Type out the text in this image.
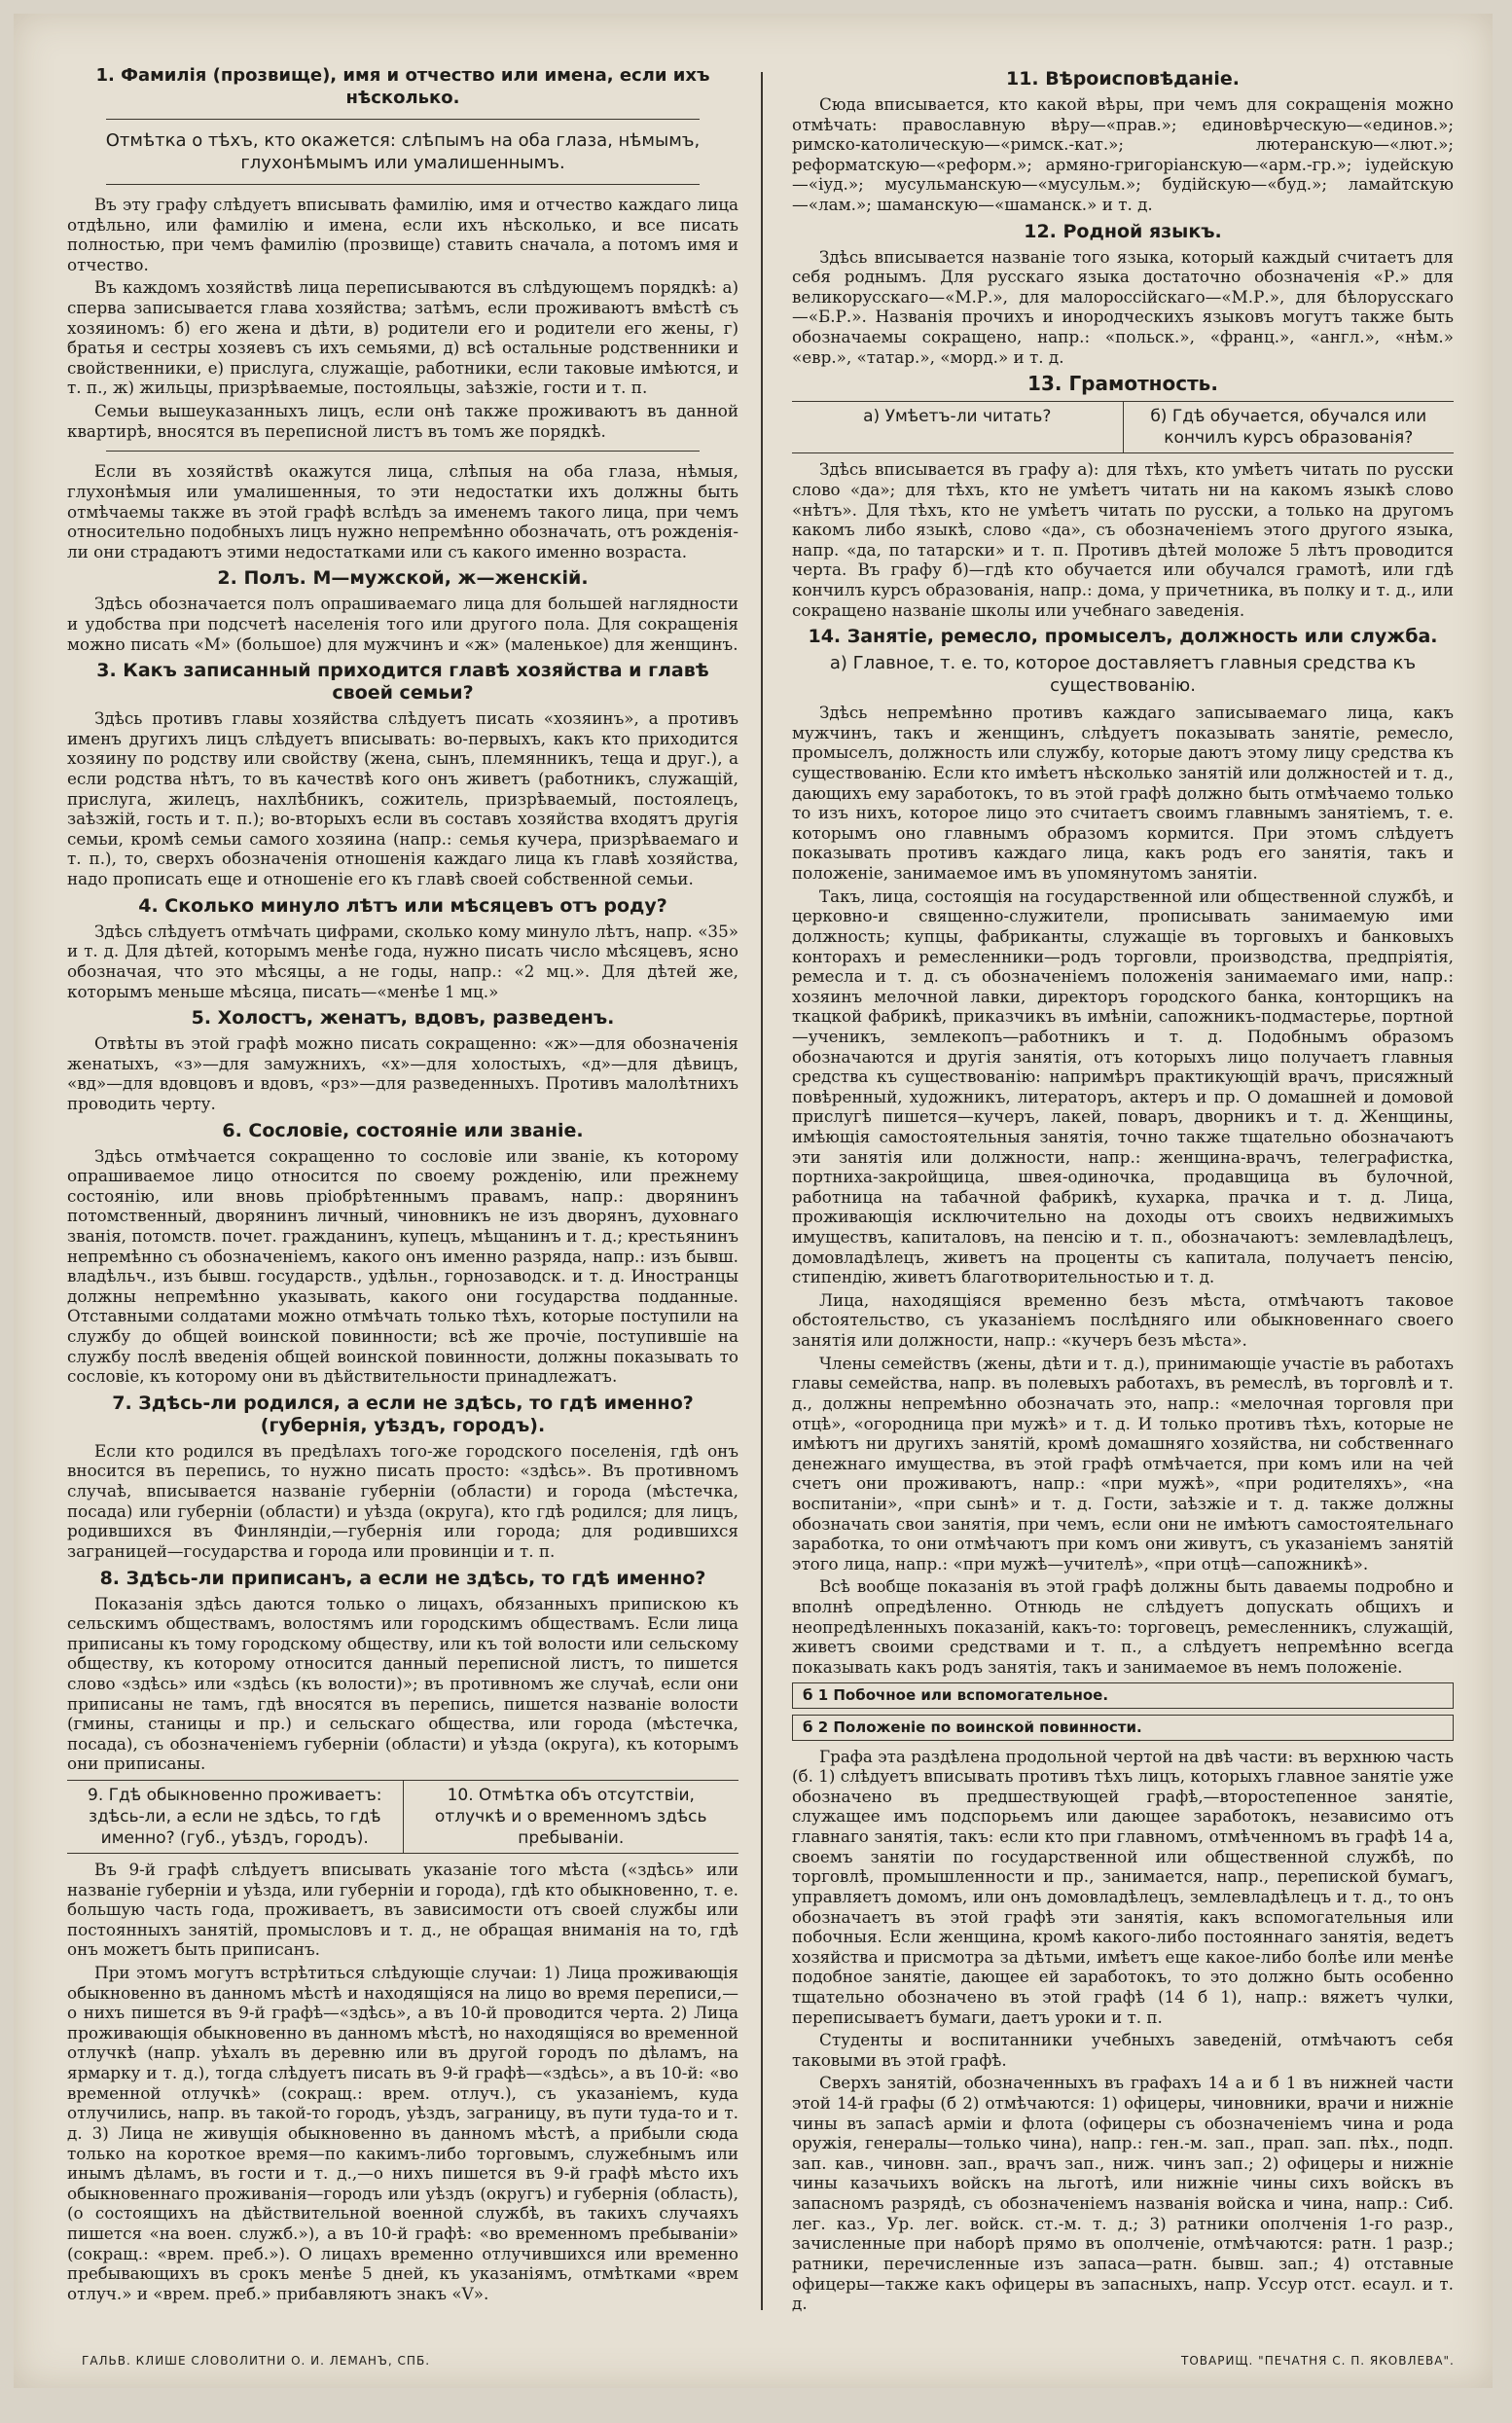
1. Фамилія (прозвище), имя и отчество или имена, если ихъ нѣсколько.
Отмѣтка о тѣхъ, кто окажется: слѣпымъ на оба глаза, нѣмымъ, глухонѣмымъ или умалишеннымъ.

Въ эту графу слѣдуетъ вписывать фамилію, имя и отчество каждаго лица отдѣльно, или фамилію и имена, если ихъ нѣсколько, и все писать полностью, при чемъ фамилію (прозвище) ставить сначала, а потомъ имя и отчество.

Въ каждомъ хозяйствѣ лица переписываются въ слѣдующемъ порядкѣ: а) сперва записывается глава хозяйства; затѣмъ, если проживаютъ вмѣстѣ съ хозяиномъ: б) его жена и дѣти, в) родители его и родители его жены, г) братья и сестры хозяевъ съ ихъ семьями, д) всѣ остальные родственники и свойственники, е) прислуга, служащіе, работники, если таковые имѣются, и т. п., ж) жильцы, призрѣваемые, постояльцы, заѣзжіе, гости и т. п.

Семьи вышеуказанныхъ лицъ, если онѣ также проживаютъ въ данной квартирѣ, вносятся въ переписной листъ въ томъ же порядкѣ.

Если въ хозяйствѣ окажутся лица, слѣпыя на оба глаза, нѣмыя, глухонѣмыя или умалишенныя, то эти недостатки ихъ должны быть отмѣчаемы также въ этой графѣ вслѣдъ за именемъ такого лица, при чемъ относительно подобныхъ лицъ нужно непремѣнно обозначать, отъ рожденія-ли они страдаютъ этими недостатками или съ какого именно возраста.

2. Полъ. М—мужской, ж—женскій.

Здѣсь обозначается полъ опрашиваемаго лица для большей наглядности и удобства при подсчетѣ населенія того или другого пола. Для сокращенія можно писать «М» (большое) для мужчинъ и «ж» (маленькое) для женщинъ.

3. Какъ записанный приходится главѣ хозяйства и главѣ своей семьи?

Здѣсь противъ главы хозяйства слѣдуетъ писать «хозяинъ», а противъ именъ другихъ лицъ слѣдуетъ вписывать: во-первыхъ, какъ кто приходится хозяину по родству или свойству (жена, сынъ, племянникъ, теща и друг.), а если родства нѣтъ, то въ качествѣ кого онъ живетъ (работникъ, служащій, прислуга, жилецъ, нахлѣбникъ, сожитель, призрѣваемый, постоялецъ, заѣзжій, гость и т. п.); во-вторыхъ если въ составъ хозяйства входятъ другія семьи, кромѣ семьи самого хозяина (напр.: семья кучера, призрѣваемаго и т. п.), то, сверхъ обозначенія отношенія каждаго лица къ главѣ хозяйства, надо прописать еще и отношеніе его къ главѣ своей собственной семьи.

4. Сколько минуло лѣтъ или мѣсяцевъ отъ роду?

Здѣсь слѣдуетъ отмѣчать цифрами, сколько кому минуло лѣтъ, напр. «35» и т. д. Для дѣтей, которымъ менѣе года, нужно писать число мѣсяцевъ, ясно обозначая, что это мѣсяцы, а не годы, напр.: «2 мц.». Для дѣтей же, которымъ меньше мѣсяца, писать—«менѣе 1 мц.»

5. Холостъ, женатъ, вдовъ, разведенъ.

Отвѣты въ этой графѣ можно писать сокращенно: «ж»—для обозначенія женатыхъ, «з»—для замужнихъ, «х»—для холостыхъ, «д»—для дѣвицъ, «вд»—для вдовцовъ и вдовъ, «рз»—для разведенныхъ. Противъ малолѣтнихъ проводить черту.

6. Сословіе, состояніе или званіе.

Здѣсь отмѣчается сокращенно то сословіе или званіе, къ которому опрашиваемое лицо относится по своему рожденію, или прежнему состоянію, или вновь пріобрѣтеннымъ правамъ, напр.: дворянинъ потомственный, дворянинъ личный, чиновникъ не изъ дворянъ, духовнаго званія, потомств. почет. гражданинъ, купецъ, мѣщанинъ и т. д.; крестьянинъ непремѣнно съ обозначеніемъ, какого онъ именно разряда, напр.: изъ бывш. владѣльч., изъ бывш. государств., удѣльн., горнозаводск. и т. д. Иностранцы должны непремѣнно указывать, какого они государства подданные. Отставными солдатами можно отмѣчать только тѣхъ, которые поступили на службу до общей воинской повинности; всѣ же прочіе, поступившіе на службу послѣ введенія общей воинской повинности, должны показывать то сословіе, къ которому они въ дѣйствительности принадлежатъ.

7. Здѣсь-ли родился, а если не здѣсь, то гдѣ именно? (губернія, уѣздъ, городъ).

Если кто родился въ предѣлахъ того-же городского поселенія, гдѣ онъ вносится въ перепись, то нужно писать просто: «здѣсь». Въ противномъ случаѣ, вписывается названіе губерніи (области) и города (мѣстечка, посада) или губерніи (области) и уѣзда (округа), кто гдѣ родился; для лицъ, родившихся въ Финляндіи,—губернія или города; для родившихся заграницей—государства и города или провинціи и т. п.

8. Здѣсь-ли приписанъ, а если не здѣсь, то гдѣ именно?

Показанія здѣсь даются только о лицахъ, обязанныхъ припискою къ сельскимъ обществамъ, волостямъ или городскимъ обществамъ. Если лица приписаны къ тому городскому обществу, или къ той волости или сельскому обществу, къ которому относится данный переписной листъ, то пишется слово «здѣсь» или «здѣсь (къ волости)»; въ противномъ же случаѣ, если они приписаны не тамъ, гдѣ вносятся въ перепись, пишется названіе волости (гмины, станицы и пр.) и сельскаго общества, или города (мѣстечка, посада), съ обозначеніемъ губерніи (области) и уѣзда (округа), къ которымъ они приписаны.

9. Гдѣ обыкновенно проживаетъ: здѣсь-ли, а если не здѣсь, то гдѣ именно? (губ., уѣздъ, городъ).
10. Отмѣтка объ отсутствіи, отлучкѣ и о временномъ здѣсь пребываніи.

Въ 9-й графѣ слѣдуетъ вписывать указаніе того мѣста («здѣсь» или названіе губерніи и уѣзда, или губерніи и города), гдѣ кто обыкновенно, т. е. большую часть года, проживаетъ, въ зависимости отъ своей службы или постоянныхъ занятій, промысловъ и т. д., не обращая вниманія на то, гдѣ онъ можетъ быть приписанъ.

При этомъ могутъ встрѣтиться слѣдующіе случаи: 1) Лица проживающія обыкновенно въ данномъ мѣстѣ и находящіяся на лицо во время переписи,—о нихъ пишется въ 9-й графѣ—«здѣсь», а въ 10-й проводится черта. 2) Лица проживающія обыкновенно въ данномъ мѣстѣ, но находящіяся во временной отлучкѣ (напр. уѣхалъ въ деревню или въ другой городъ по дѣламъ, на ярмарку и т. д.), тогда слѣдуетъ писать въ 9-й графѣ—«здѣсь», а въ 10-й: «во временной отлучкѣ» (сокращ.: врем. отлуч.), съ указаніемъ, куда отлучились, напр. въ такой-то городъ, уѣздъ, заграницу, въ пути туда-то и т. д. 3) Лица не живущія обыкновенно въ данномъ мѣстѣ, а прибыли сюда только на короткое время—по какимъ-либо торговымъ, служебнымъ или инымъ дѣламъ, въ гости и т. д.,—о нихъ пишется въ 9-й графѣ мѣсто ихъ обыкновеннаго проживанія—городъ или уѣздъ (округъ) и губернія (область), (о состоящихъ на дѣйствительной военной службѣ, въ такихъ случаяхъ пишется «на воен. служб.»), а въ 10-й графѣ: «во временномъ пребываніи» (сокращ.: «врем. преб.»). О лицахъ временно отлучившихся или временно пребывающихъ въ срокъ менѣе 5 дней, къ указаніямъ, отмѣтками «врем отлуч.» и «врем. преб.» прибавляютъ знакъ «V».

11. Вѣроисповѣданіе.

Сюда вписывается, кто какой вѣры, при чемъ для сокращенія можно отмѣчать: православную вѣру—«прав.»; единовѣрческую—«единов.»; римско-католическую—«римск.-кат.»; лютеранскую—«лют.»; реформатскую—«реформ.»; армяно-григоріанскую—«арм.-гр.»; іудейскую—«іуд.»; мусульманскую—«мусульм.»; будійскую—«буд.»; ламайтскую—«лам.»; шаманскую—«шаманск.» и т. д.

12. Родной языкъ.

Здѣсь вписывается названіе того языка, который каждый считаетъ для себя роднымъ. Для русскаго языка достаточно обозначенія «Р.» для великорусскаго—«М.Р.», для малороссійскаго—«М.Р.», для бѣлорусскаго—«Б.Р.». Названія прочихъ и инородческихъ языковъ могутъ также быть обозначаемы сокращено, напр.: «польск.», «франц.», «англ.», «нѣм.» «евр.», «татар.», «морд.» и т. д.

13. Грамотность.
а) Умѣетъ-ли читать?	б) Гдѣ обучается, обучался или кончилъ курсъ образованія?

Здѣсь вписывается въ графу а): для тѣхъ, кто умѣетъ читать по русски слово «да»; для тѣхъ, кто не умѣетъ читать ни на какомъ языкѣ слово «нѣтъ». Для тѣхъ, кто не умѣетъ читать по русски, а только на другомъ какомъ либо языкѣ, слово «да», съ обозначеніемъ этого другого языка, напр. «да, по татарски» и т. п. Противъ дѣтей моложе 5 лѣтъ проводится черта. Въ графу б)—гдѣ кто обучается или обучался грамотѣ, или гдѣ кончилъ курсъ образованія, напр.: дома, у причетника, въ полку и т. д., или сокращено названіе школы или учебнаго заведенія.

14. Занятіе, ремесло, промыселъ, должность или служба.
а) Главное, т. е. то, которое доставляетъ главныя средства къ существованію.

Здѣсь непремѣнно противъ каждаго записываемаго лица, какъ мужчинъ, такъ и женщинъ, слѣдуетъ показывать занятіе, ремесло, промыселъ, должность или службу, которые даютъ этому лицу средства къ существованію. Если кто имѣетъ нѣсколько занятій или должностей и т. д., дающихъ ему заработокъ, то въ этой графѣ должно быть отмѣчаемо только то изъ нихъ, которое лицо это считаетъ своимъ главнымъ занятіемъ, т. е. которымъ оно главнымъ образомъ кормится. При этомъ слѣдуетъ показывать противъ каждаго лица, какъ родъ его занятія, такъ и положеніе, занимаемое имъ въ упомянутомъ занятіи.

Такъ, лица, состоящія на государственной или общественной службѣ, и церковно-и священно-служители, прописывать занимаемую ими должность; купцы, фабриканты, служащіе въ торговыхъ и банковыхъ конторахъ и ремесленники—родъ торговли, производства, предпріятія, ремесла и т. д. съ обозначеніемъ положенія занимаемаго ими, напр.: хозяинъ мелочной лавки, директоръ городского банка, конторщикъ на ткацкой фабрикѣ, приказчикъ въ имѣніи, сапожникъ-подмастерье, портной—ученикъ, землекопъ—работникъ и т. д. Подобнымъ образомъ обозначаются и другія занятія, отъ которыхъ лицо получаетъ главныя средства къ существованію: напримѣръ практикующій врачъ, присяжный повѣренный, художникъ, литераторъ, актеръ и пр. О домашней и домовой прислугѣ пишется—кучеръ, лакей, поваръ, дворникъ и т. д. Женщины, имѣющія самостоятельныя занятія, точно также тщательно обозначаютъ эти занятія или должности, напр.: женщина-врачъ, телеграфистка, портниха-закройщица, швея-одиночка, продавщица въ булочной, работница на табачной фабрикѣ, кухарка, прачка и т. д. Лица, проживающія исключительно на доходы отъ своихъ недвижимыхъ имуществъ, капиталовъ, на пенсію и т. п., обозначаютъ: землевладѣлецъ, домовладѣлецъ, живетъ на проценты съ капитала, получаетъ пенсію, стипендію, живетъ благотворительностью и т. д.

Лица, находящіяся временно безъ мѣста, отмѣчаютъ таковое обстоятельство, съ указаніемъ послѣдняго или обыкновеннаго своего занятія или должности, напр.: «кучеръ безъ мѣста».

Члены семействъ (жены, дѣти и т. д.), принимающіе участіе въ работахъ главы семейства, напр. въ полевыхъ работахъ, въ ремеслѣ, въ торговлѣ и т. д., должны непремѣнно обозначать это, напр.: «мелочная торговля при отцѣ», «огородница при мужѣ» и т. д. И только противъ тѣхъ, которые не имѣютъ ни другихъ занятій, кромѣ домашняго хозяйства, ни собственнаго денежнаго имущества, въ этой графѣ отмѣчается, при комъ или на чей счетъ они проживаютъ, напр.: «при мужѣ», «при родителяхъ», «на воспитаніи», «при сынѣ» и т. д. Гости, заѣзжіе и т. д. также должны обозначать свои занятія, при чемъ, если они не имѣютъ самостоятельнаго заработка, то они отмѣчаютъ при комъ они живутъ, съ указаніемъ занятій этого лица, напр.: «при мужѣ—учителѣ», «при отцѣ—сапожникѣ».

Всѣ вообще показанія въ этой графѣ должны быть даваемы подробно и вполнѣ опредѣленно. Отнюдь не слѣдуетъ допускать общихъ и неопредѣленныхъ показаній, какъ-то: торговецъ, ремесленникъ, служащій, живетъ своими средствами и т. п., а слѣдуетъ непремѣнно всегда показывать какъ родъ занятія, такъ и занимаемое въ немъ положеніе.

б 1 Побочное или вспомогательное.
б 2 Положеніе по воинской повинности.

Графа эта раздѣлена продольной чертой на двѣ части: въ верхнюю часть (б. 1) слѣдуетъ вписывать противъ тѣхъ лицъ, которыхъ главное занятіе уже обозначено въ предшествующей графѣ,—второстепенное занятіе, служащее имъ подспорьемъ или дающее заработокъ, независимо отъ главнаго занятія, такъ: если кто при главномъ, отмѣченномъ въ графѣ 14 а, своемъ занятіи по государственной или общественной службѣ, по торговлѣ, промышленности и пр., занимается, напр., перепиской бумагъ, управляетъ домомъ, или онъ домовладѣлецъ, землевладѣлецъ и т. д., то онъ обозначаетъ въ этой графѣ эти занятія, какъ вспомогательныя или побочныя. Если женщина, кромѣ какого-либо постояннаго занятія, ведетъ хозяйства и присмотра за дѣтьми, имѣетъ еще какое-либо болѣе или менѣе подобное занятіе, дающее ей заработокъ, то это должно быть особенно тщательно обозначено въ этой графѣ (14 б 1), напр.: вяжетъ чулки, переписываетъ бумаги, даетъ уроки и т. п.

Студенты и воспитанники учебныхъ заведеній, отмѣчаютъ себя таковыми въ этой графѣ.

Сверхъ занятій, обозначенныхъ въ графахъ 14 а и б 1 въ нижней части этой 14-й графы (б 2) отмѣчаются: 1) офицеры, чиновники, врачи и нижніе чины въ запасѣ арміи и флота (офицеры съ обозначеніемъ чина и рода оружія, генералы—только чина), напр.: ген.-м. зап., прап. зап. пѣх., подп. зап. кав., чиновн. зап., врачъ зап., ниж. чинъ зап.; 2) офицеры и нижніе чины казачьихъ войскъ на льготѣ, или нижніе чины сихъ войскъ въ запасномъ разрядѣ, съ обозначеніемъ названія войска и чина, напр.: Сиб. лег. каз., Ур. лег. войск. ст.-м. т. д.; 3) ратники ополченія 1-го разр., зачисленные при наборѣ прямо въ ополченіе, отмѣчаются: ратн. 1 разр.; ратники, перечисленные изъ запаса—ратн. бывш. зап.; 4) отставные офицеры—также какъ офицеры въ запасныхъ, напр. Уссур отст. есаул. и т. д.

ГАЛЬВ. КЛИШЕ СЛОВОЛИТНИ О. И. ЛЕМАНЪ, СПБ.	ТОВАРИЩ. "ПЕЧАТНЯ С. П. ЯКОВЛЕВА".
